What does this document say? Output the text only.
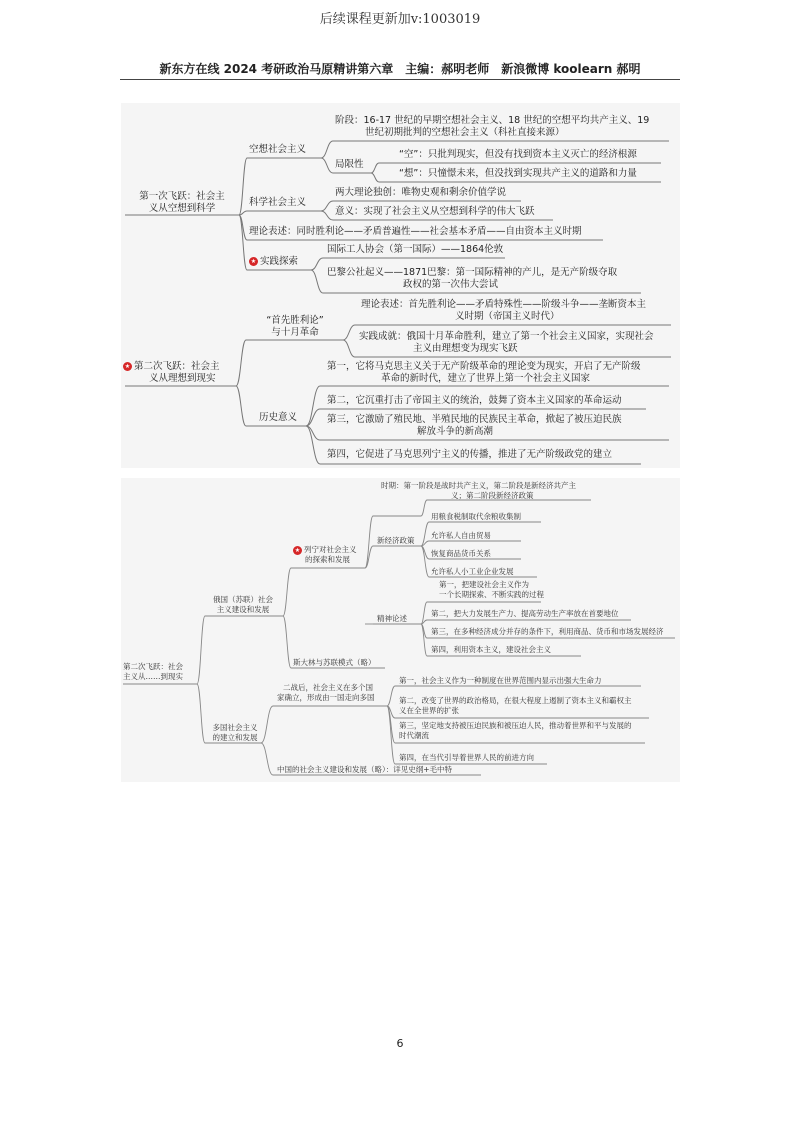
后续课程更新加v:1003019
新东方在线 2024 考研政治马原精讲第六章　主编：郝明老师　新浪微博 koolearn 郝明
第一次飞跃：社会主
义从空想到科学
空想社会主义
阶段：16-17 世纪的早期空想社会主义、18 世纪的空想平均共产主义、19
世纪初期批判的空想社会主义（科社直接来源）
局限性
“空”：只批判现实，但没有找到资本主义灭亡的经济根源
“想”：只憧憬未来，但没找到实现共产主义的道路和力量
科学社会主义
两大理论独创：唯物史观和剩余价值学说
意义：实现了社会主义从空想到科学的伟大飞跃
理论表述：同时胜利论——矛盾普遍性——社会基本矛盾——自由资本主义时期
★ 实践探索
国际工人协会（第一国际）——1864伦敦
巴黎公社起义——1871巴黎：第一国际精神的产儿，是无产阶级夺取
政权的第一次伟大尝试
★ 第二次飞跃：社会主
义从理想到现实
“首先胜利论”
与十月革命
理论表述：首先胜利论——矛盾特殊性——阶级斗争——垄断资本主
义时期（帝国主义时代）
实践成就：俄国十月革命胜利，建立了第一个社会主义国家，实现社会
主义由理想变为现实飞跃
历史意义
第一，它将马克思主义关于无产阶级革命的理论变为现实，开启了无产阶级
革命的新时代，建立了世界上第一个社会主义国家
第二，它沉重打击了帝国主义的统治，鼓舞了资本主义国家的革命运动
第三，它激励了殖民地、半殖民地的民族民主革命，掀起了被压迫民族
解放斗争的新高潮
第四，它促进了马克思列宁主义的传播，推进了无产阶级政党的建立
第二次飞跃：社会
主义从……到现实
俄国（苏联）社会
主义建设和发展
★ 列宁对社会主义
的探索和发展
时期：第一阶段是战时共产主义，第二阶段是新经济共产主
义；第二阶段新经济政策
新经济政策
用粮食税制取代余粮收集制
允许私人自由贸易
恢复商品货币关系
允许私人小工业企业发展
精神论述
第一，把建设社会主义作为
一个长期探索、不断实践的过程
第二，把大力发展生产力、提高劳动生产率放在首要地位
第三，在多种经济成分并存的条件下，利用商品、货币和市场发展经济
第四，利用资本主义，建设社会主义
斯大林与苏联模式（略）
多国社会主义
的建立和发展
二战后，社会主义在多个国
家确立，形成由一国走向多国
第一，社会主义作为一种制度在世界范围内显示出强大生命力
第二，改变了世界的政治格局，在很大程度上遏制了资本主义和霸权主
义在全世界的扩张
第三，坚定地支持被压迫民族和被压迫人民，推动着世界和平与发展的
时代潮流
第四，在当代引导着世界人民的前进方向
中国的社会主义建设和发展（略）：详见史纲+毛中特
6
